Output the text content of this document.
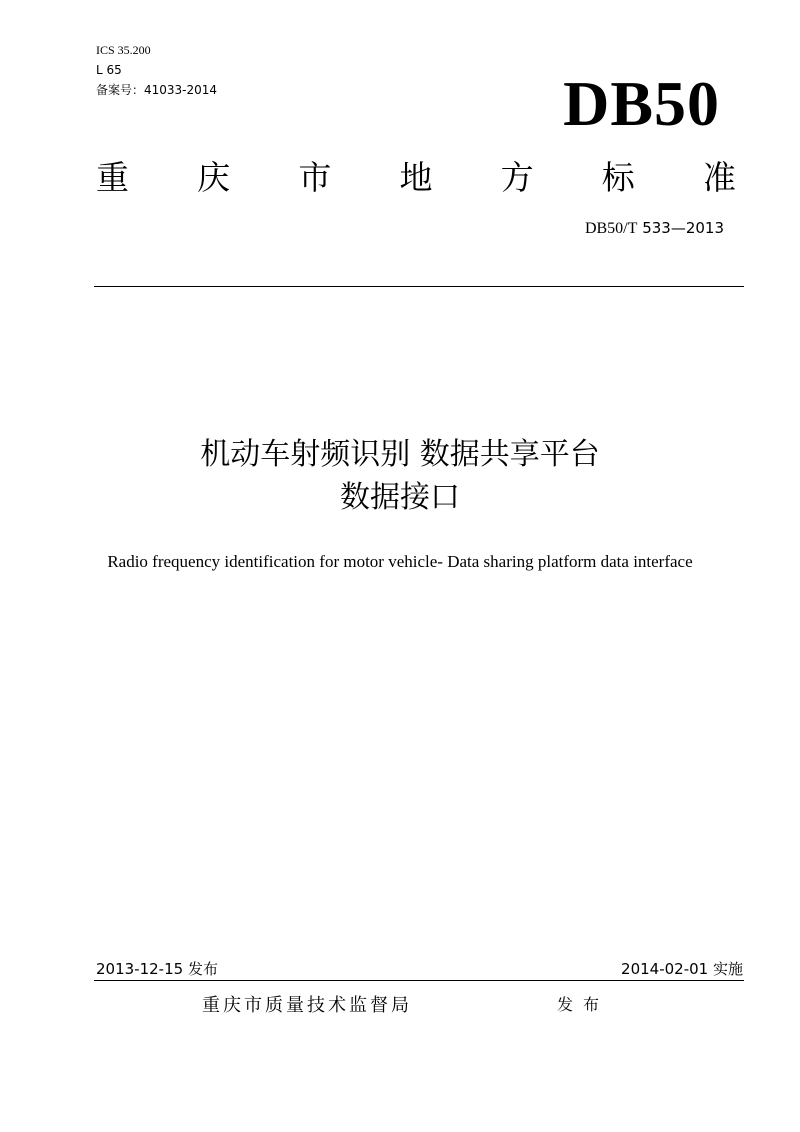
ICS 35.200
L 65
备案号：41033-2014	DB50
重 庆 市 地 方 标 准
DB50/T 533—2013
机动车射频识别 数据共享平台
数据接口
Radio frequency identification for motor vehicle- Data sharing platform data interface
2013-12-15 发布	2014-02-01 实施
重庆市质量技术监督局	发布
